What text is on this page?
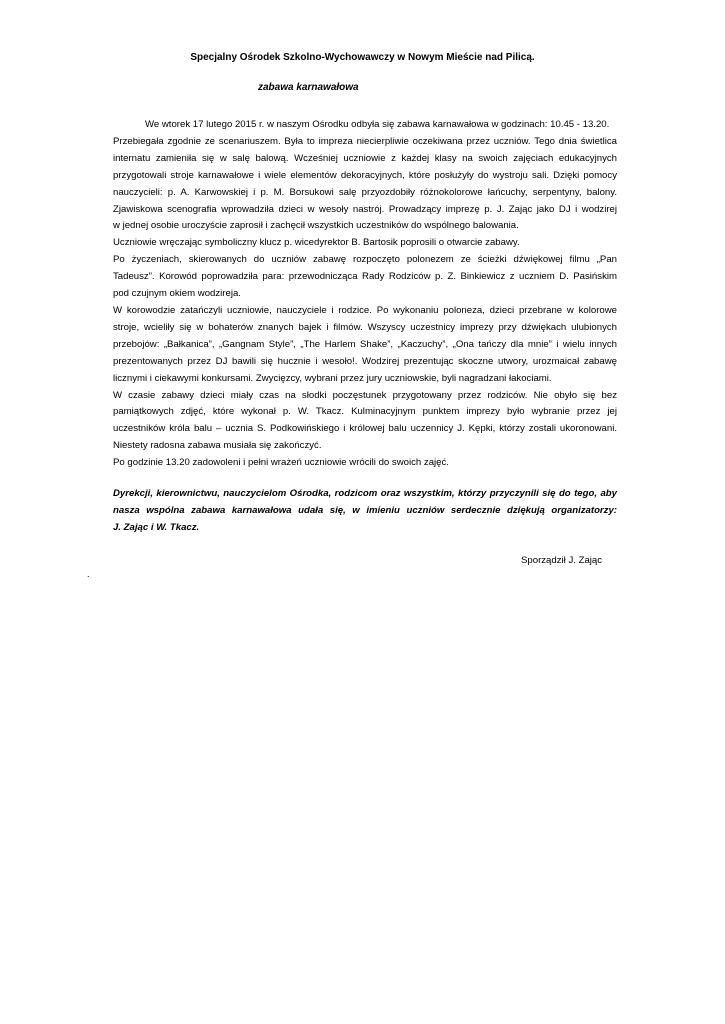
Specjalny Ośrodek Szkolno-Wychowawczy w Nowym Mieście nad Pilicą.
zabawa karnawałowa
We wtorek 17 lutego 2015 r. w naszym Ośrodku odbyła się zabawa karnawałowa w godzinach: 10.45 - 13.20.
Przebiegała zgodnie ze scenariuszem. Była to impreza niecierpliwie oczekiwana przez uczniów. Tego dnia świetlica
internatu zamieniła się w salę balową. Wcześniej uczniowie z każdej klasy na swoich zajęciach edukacyjnych
przygotowali stroje karnawałowe i wiele elementów dekoracyjnych, które posłużyły do wystroju sali. Dzięki pomocy
nauczycieli: p. A. Karwowskiej i p. M. Borsukowi salę przyozdobiły różnokolorowe łańcuchy, serpentyny, balony.
Zjawiskowa scenografia wprowadziła dzieci w wesoły nastrój. Prowadzący imprezę p. J. Zając jako DJ i wodzirej
w jednej osobie uroczyście zaprosił i zachęcił wszystkich uczestników do wspólnego balowania.
Uczniowie wręczając symboliczny klucz p. wicedyrektor B. Bartosik poprosili o otwarcie zabawy.
Po życzeniach, skierowanych do uczniów zabawę rozpoczęto polonezem ze ścieżki dźwiękowej filmu „Pan
Tadeusz”. Korowód poprowadziła para: przewodnicząca Rady Rodziców p. Z. Binkiewicz z uczniem D. Pasińskim
pod czujnym okiem wodzireja.
W korowodzie zatańczyli uczniowie, nauczyciele i rodzice. Po wykonaniu poloneza, dzieci przebrane w kolorowe
stroje, wcieliły się w bohaterów znanych bajek i filmów. Wszyscy uczestnicy imprezy przy dźwiękach ulubionych
przebojów: „Bałkanica”, „Gangnam Style”, „The Harlem Shake”, „Kaczuchy”, „Ona tańczy dla mnie” i wielu innych
prezentowanych przez DJ bawili się hucznie i wesoło!. Wodzirej prezentując skoczne utwory, urozmaicał zabawę
licznymi i ciekawymi konkursami. Zwycięzcy, wybrani przez jury uczniowskie, byli nagradzani łakociami.
W czasie zabawy dzieci miały czas na słodki poczęstunek przygotowany przez rodziców. Nie obyło się bez
pamiątkowych zdjęć, które wykonał p. W. Tkacz. Kulminacyjnym punktem imprezy było wybranie przez jej
uczestników króla balu – ucznia S. Podkowińskiego i królowej balu uczennicy J. Kępki, którzy zostali ukoronowani.
Niestety radosna zabawa musiała się zakończyć.
Po godzinie 13.20 zadowoleni i pełni wrażeń uczniowie wrócili do swoich zajęć.
Dyrekcji, kierownictwu, nauczycielom Ośrodka, rodzicom oraz wszystkim, którzy przyczynili się do tego, aby
nasza wspólna zabawa karnawałowa udała się, w imieniu uczniów serdecznie dziękują organizatorzy:
J. Zając i W. Tkacz.
Sporządził J. Zając
.
